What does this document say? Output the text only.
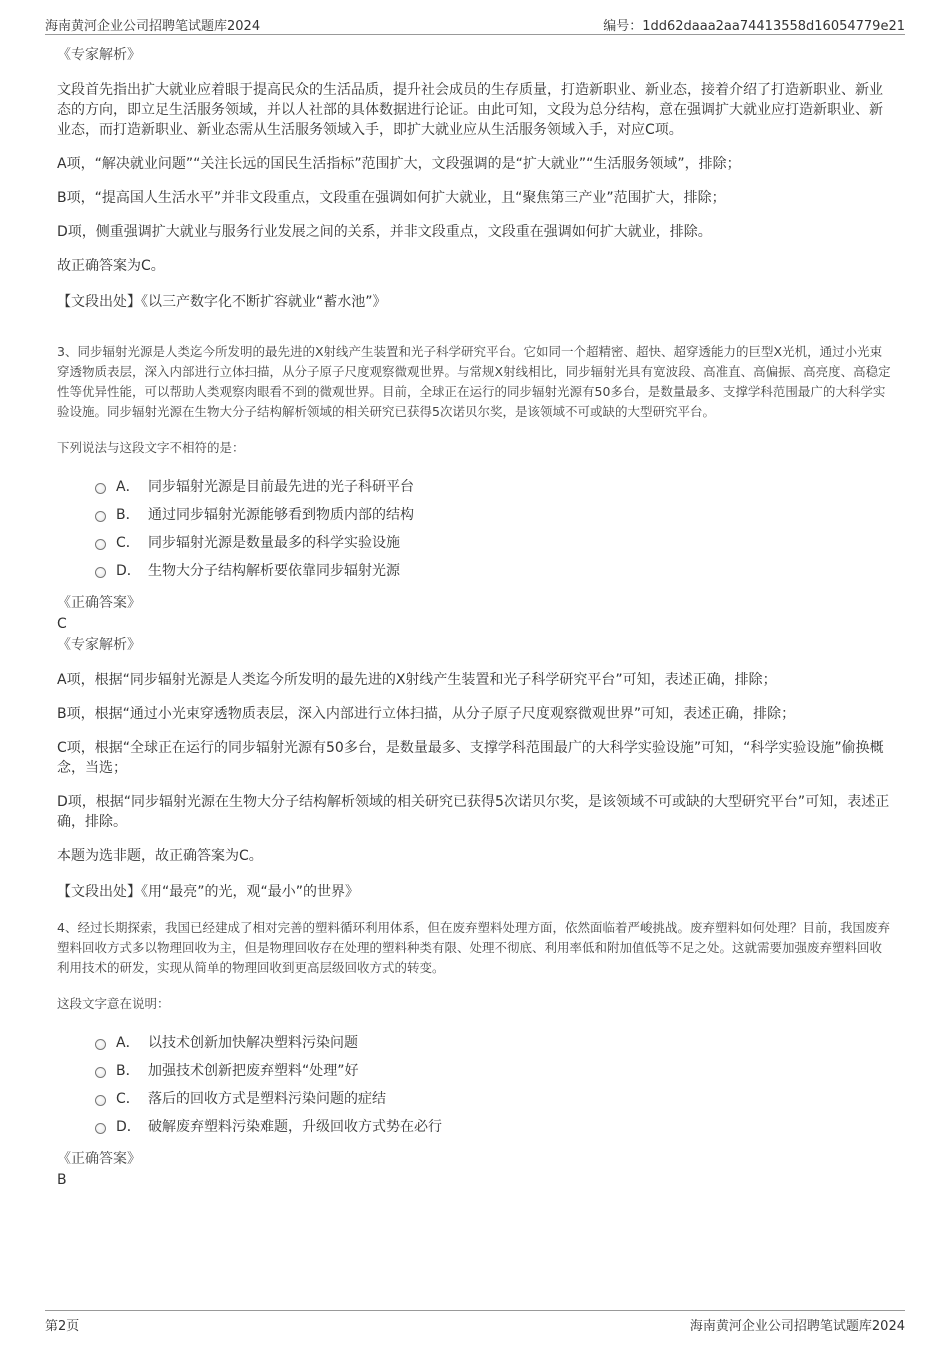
海南黄河企业公司招聘笔试题库2024	编号：1dd62daaa2aa74413558d16054779e21

《专家解析》

文段首先指出扩大就业应着眼于提高民众的生活品质，提升社会成员的生存质量，打造新职业、新业态，接着介绍了打造新职业、新业态的方向，即立足生活服务领域，并以人社部的具体数据进行论证。由此可知，文段为总分结构，意在强调扩大就业应打造新职业、新业态，而打造新职业、新业态需从生活服务领域入手，即扩大就业应从生活服务领域入手，对应C项。

A项，“解决就业问题”“关注长远的国民生活指标”范围扩大，文段强调的是“扩大就业”“生活服务领域”，排除；

B项，“提高国人生活水平”并非文段重点，文段重在强调如何扩大就业，且“聚焦第三产业”范围扩大，排除；

D项，侧重强调扩大就业与服务行业发展之间的关系，并非文段重点，文段重在强调如何扩大就业，排除。

故正确答案为C。

【文段出处】《以三产数字化不断扩容就业“蓄水池”》

3、同步辐射光源是人类迄今所发明的最先进的X射线产生装置和光子科学研究平台。它如同一个超精密、超快、超穿透能力的巨型X光机，通过小光束穿透物质表层，深入内部进行立体扫描，从分子原子尺度观察微观世界。与常规X射线相比，同步辐射光具有宽波段、高准直、高偏振、高亮度、高稳定性等优异性能，可以帮助人类观察肉眼看不到的微观世界。目前，全球正在运行的同步辐射光源有50多台，是数量最多、支撑学科范围最广的大科学实验设施。同步辐射光源在生物大分子结构解析领域的相关研究已获得5次诺贝尔奖，是该领域不可或缺的大型研究平台。

下列说法与这段文字不相符的是：

A． 同步辐射光源是目前最先进的光子科研平台
B． 通过同步辐射光源能够看到物质内部的结构
C． 同步辐射光源是数量最多的科学实验设施
D． 生物大分子结构解析要依靠同步辐射光源

《正确答案》

C

《专家解析》

A项，根据“同步辐射光源是人类迄今所发明的最先进的X射线产生装置和光子科学研究平台”可知，表述正确，排除；

B项，根据“通过小光束穿透物质表层，深入内部进行立体扫描，从分子原子尺度观察微观世界”可知，表述正确，排除；

C项，根据“全球正在运行的同步辐射光源有50多台，是数量最多、支撑学科范围最广的大科学实验设施”可知，“科学实验设施”偷换概念，当选；

D项，根据“同步辐射光源在生物大分子结构解析领域的相关研究已获得5次诺贝尔奖，是该领域不可或缺的大型研究平台”可知，表述正确，排除。

本题为选非题，故正确答案为C。

【文段出处】《用“最亮”的光，观“最小”的世界》

4、经过长期探索，我国已经建成了相对完善的塑料循环利用体系，但在废弃塑料处理方面，依然面临着严峻挑战。废弃塑料如何处理？目前，我国废弃塑料回收方式多以物理回收为主，但是物理回收存在处理的塑料种类有限、处理不彻底、利用率低和附加值低等不足之处。这就需要加强废弃塑料回收利用技术的研发，实现从简单的物理回收到更高层级回收方式的转变。

这段文字意在说明：

A． 以技术创新加快解决塑料污染问题
B． 加强技术创新把废弃塑料“处理”好
C． 落后的回收方式是塑料污染问题的症结
D． 破解废弃塑料污染难题，升级回收方式势在必行

《正确答案》

B

第2页	海南黄河企业公司招聘笔试题库2024
